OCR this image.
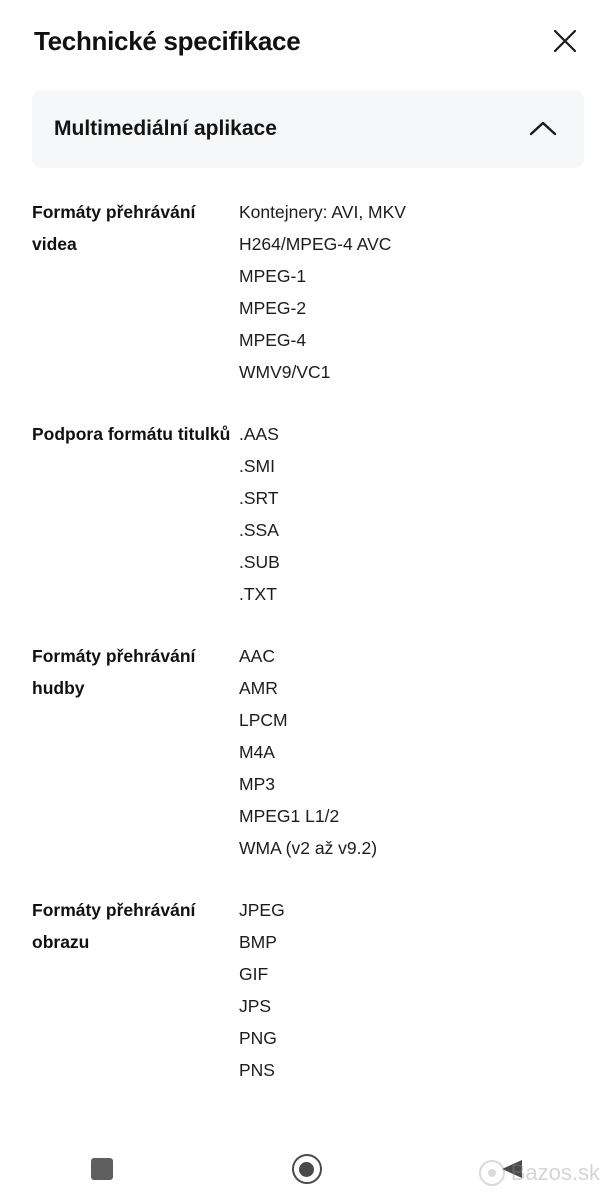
Technické specifikace
Multimediální aplikace
Formáty přehrávání videa
Kontejnery: AVI, MKV
H264/MPEG-4 AVC
MPEG-1
MPEG-2
MPEG-4
WMV9/VC1
Podpora formátu titulků .AAS
.SMI
.SRT
.SSA
.SUB
.TXT
Formáty přehrávání hudby
AAC
AMR
LPCM
M4A
MP3
MPEG1 L1/2
WMA (v2 až v9.2)
Formáty přehrávání obrazu
JPEG
BMP
GIF
JPS
PNG
PNS
Bazos.sk
